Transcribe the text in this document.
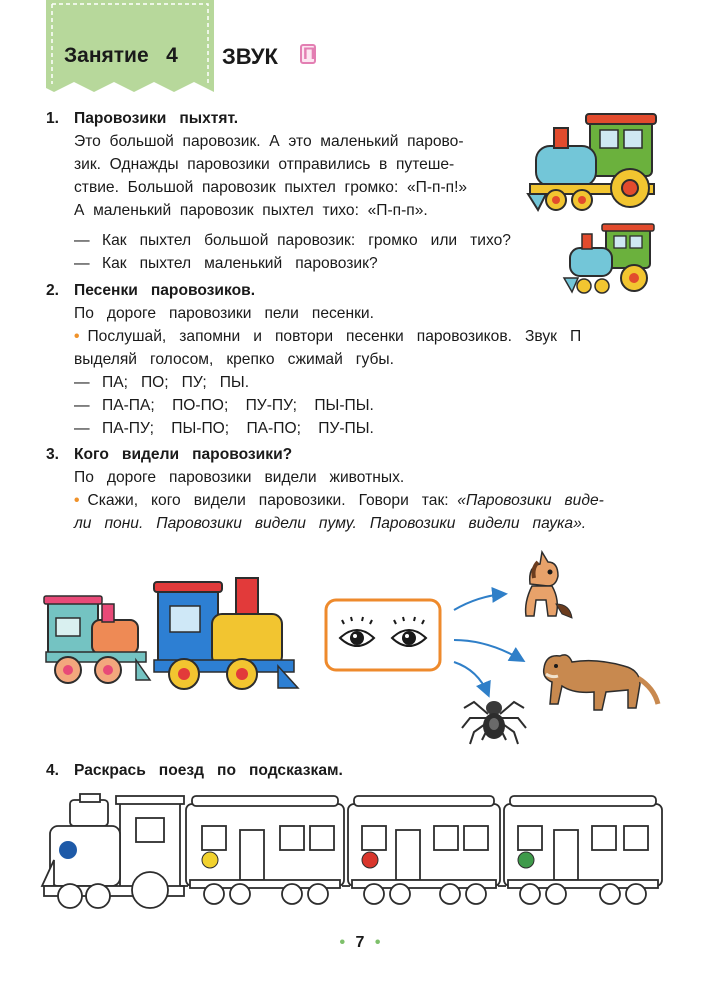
Занятие   4 ЗВУК П
1. Паровозики   пыхтят.
Это  большой  паровозик.  А  это  маленький  парово-
зик.  Однажды  паровозики  отправились  в  путеше-
ствие.  Большой  паровозик  пыхтел  громко:  «П-п-п!»
А  маленький  паровозик  пыхтел  тихо:  «П-п-п».
— Как   пыхтел   большой  паровозик:   громко   или   тихо?
— Как   пыхтел   маленький   паровозик?
2. Песенки   паровозиков.
По   дороге   паровозики   пели   песенки.
• Послушай,   запомни   и   повтори   песенки   паровозиков.   Звук   П
выделяй   голосом,   крепко   сжимай   губы.
— ПА;   ПО;   ПУ;   ПЫ.
— ПА-ПА;    ПО-ПО;    ПУ-ПУ;    ПЫ-ПЫ.
— ПА-ПУ;    ПЫ-ПО;    ПА-ПО;    ПУ-ПЫ.
3. Кого   видели   паровозики?
По   дороге   паровозики   видели   животных.
• Скажи,   кого   видели   паровозики.   Говори   так: «Паровозики   виде-
ли   пони.   Паровозики   видели   пуму.   Паровозики   видели   паука».
4. Раскрась   поезд   по   подсказкам.
• 7 •
